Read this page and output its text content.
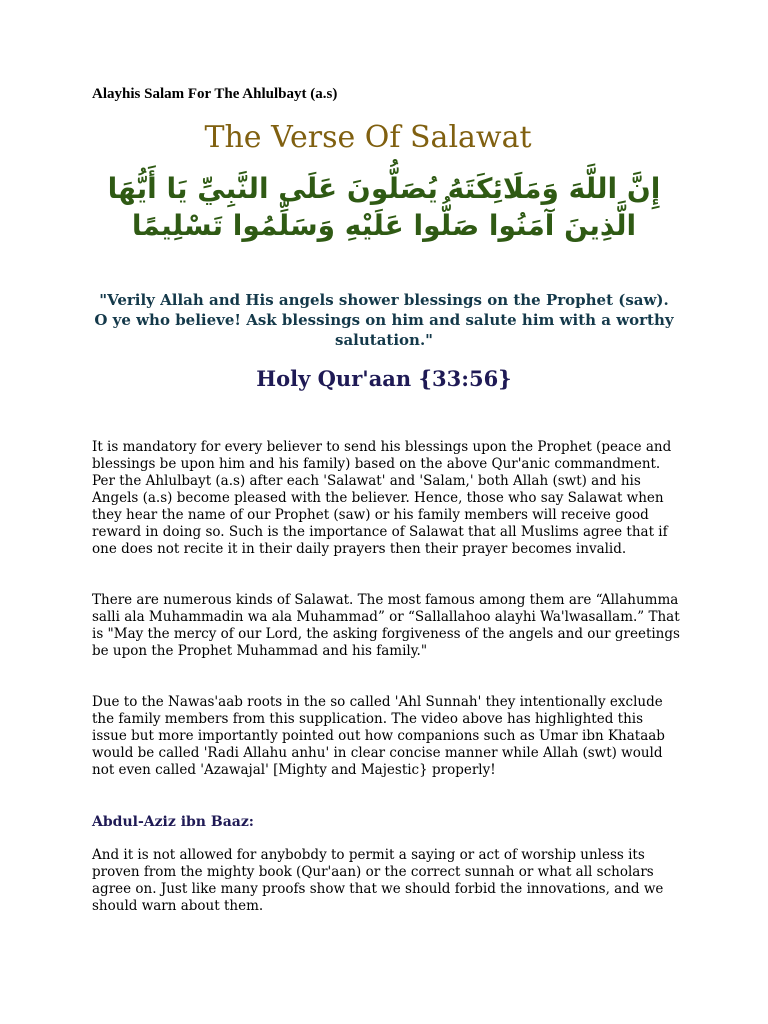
Alayhis Salam For The Ahlulbayt (a.s)
The Verse Of Salawat
إِنَّ اللَّهَ وَمَلَائِكَتَهُ يُصَلُّونَ عَلَى النَّبِيِّ يَا أَيُّهَا الَّذِينَ آمَنُوا صَلُّوا عَلَيْهِ وَسَلِّمُوا تَسْلِيمًا
"Verily Allah and His angels shower blessings on the Prophet (saw). O ye who believe! Ask blessings on him and salute him with a worthy salutation."
Holy Qur'aan {33:56}

It is mandatory for every believer to send his blessings upon the Prophet (peace and blessings be upon him and his family) based on the above Qur'anic commandment. Per the Ahlulbayt (a.s) after each 'Salawat' and 'Salam,' both Allah (swt) and his Angels (a.s) become pleased with the believer. Hence, those who say Salawat when they hear the name of our Prophet (saw) or his family members will receive good reward in doing so. Such is the importance of Salawat that all Muslims agree that if one does not recite it in their daily prayers then their prayer becomes invalid.

There are numerous kinds of Salawat. The most famous among them are “Allahumma salli ala Muhammadin wa ala Muhammad” or “Sallallahoo alayhi Wa'lwasallam.” That is "May the mercy of our Lord, the asking forgiveness of the angels and our greetings be upon the Prophet Muhammad and his family."

Due to the Nawas'aab roots in the so called 'Ahl Sunnah' they intentionally exclude the family members from this supplication. The video above has highlighted this issue but more importantly pointed out how companions such as Umar ibn Khataab would be called 'Radi Allahu anhu' in clear concise manner while Allah (swt) would not even called 'Azawajal' [Mighty and Majestic} properly!

Abdul-Aziz ibn Baaz:

And it is not allowed for anybobdy to permit a saying or act of worship unless its proven from the mighty book (Qur'aan) or the correct sunnah or what all scholars agree on. Just like many proofs show that we should forbid the innovations, and we should warn about them.
